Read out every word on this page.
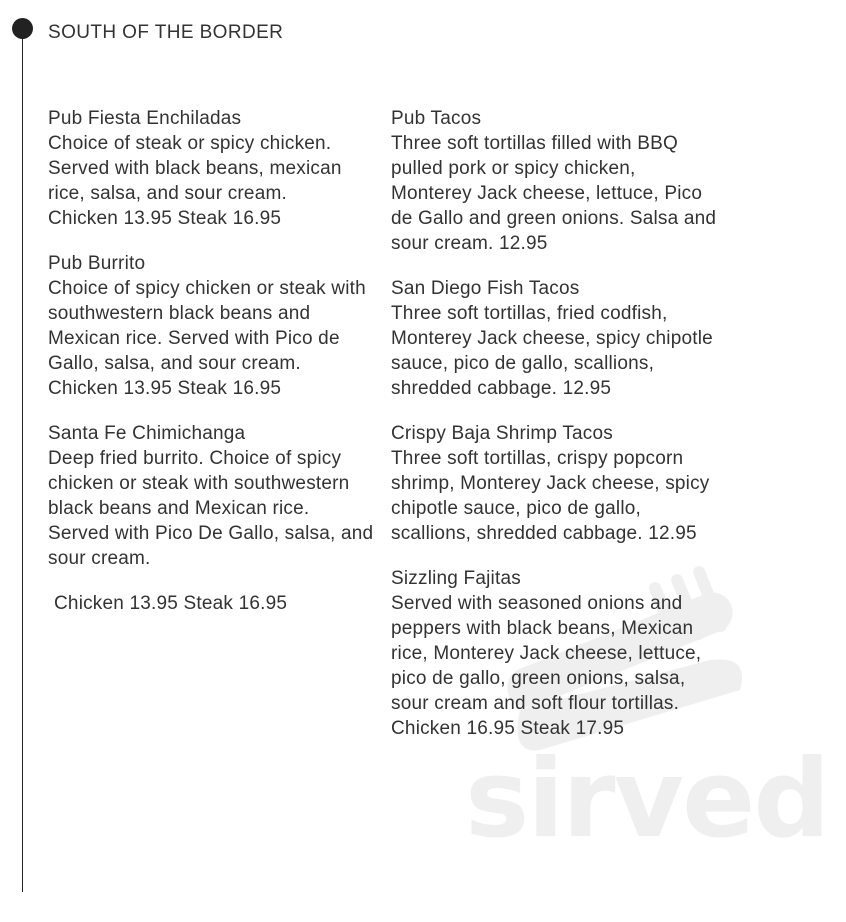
SOUTH OF THE BORDER
sirved
Pub Fiesta Enchiladas
Choice of steak or spicy chicken. Served with black beans, mexican rice, salsa, and sour cream.
Chicken 13.95 Steak 16.95
Pub Burrito
Choice of spicy chicken or steak with southwestern black beans and Mexican rice. Served with Pico de Gallo, salsa, and sour cream.
Chicken 13.95 Steak 16.95
Santa Fe Chimichanga
Deep fried burrito. Choice of spicy chicken or steak with southwestern black beans and Mexican rice. Served with Pico De Gallo, salsa, and sour cream.
Chicken 13.95 Steak 16.95
Pub Tacos
Three soft tortillas filled with BBQ pulled pork or spicy chicken, Monterey Jack cheese, lettuce, Pico de Gallo and green onions. Salsa and sour cream. 12.95
San Diego Fish Tacos
Three soft tortillas, fried codfish, Monterey Jack cheese, spicy chipotle sauce, pico de gallo, scallions, shredded cabbage. 12.95
Crispy Baja Shrimp Tacos
Three soft tortillas, crispy popcorn shrimp, Monterey Jack cheese, spicy chipotle sauce, pico de gallo, scallions, shredded cabbage. 12.95
Sizzling Fajitas
Served with seasoned onions and peppers with black beans, Mexican rice, Monterey Jack cheese, lettuce, pico de gallo, green onions, salsa, sour cream and soft flour tortillas.
Chicken 16.95 Steak 17.95
